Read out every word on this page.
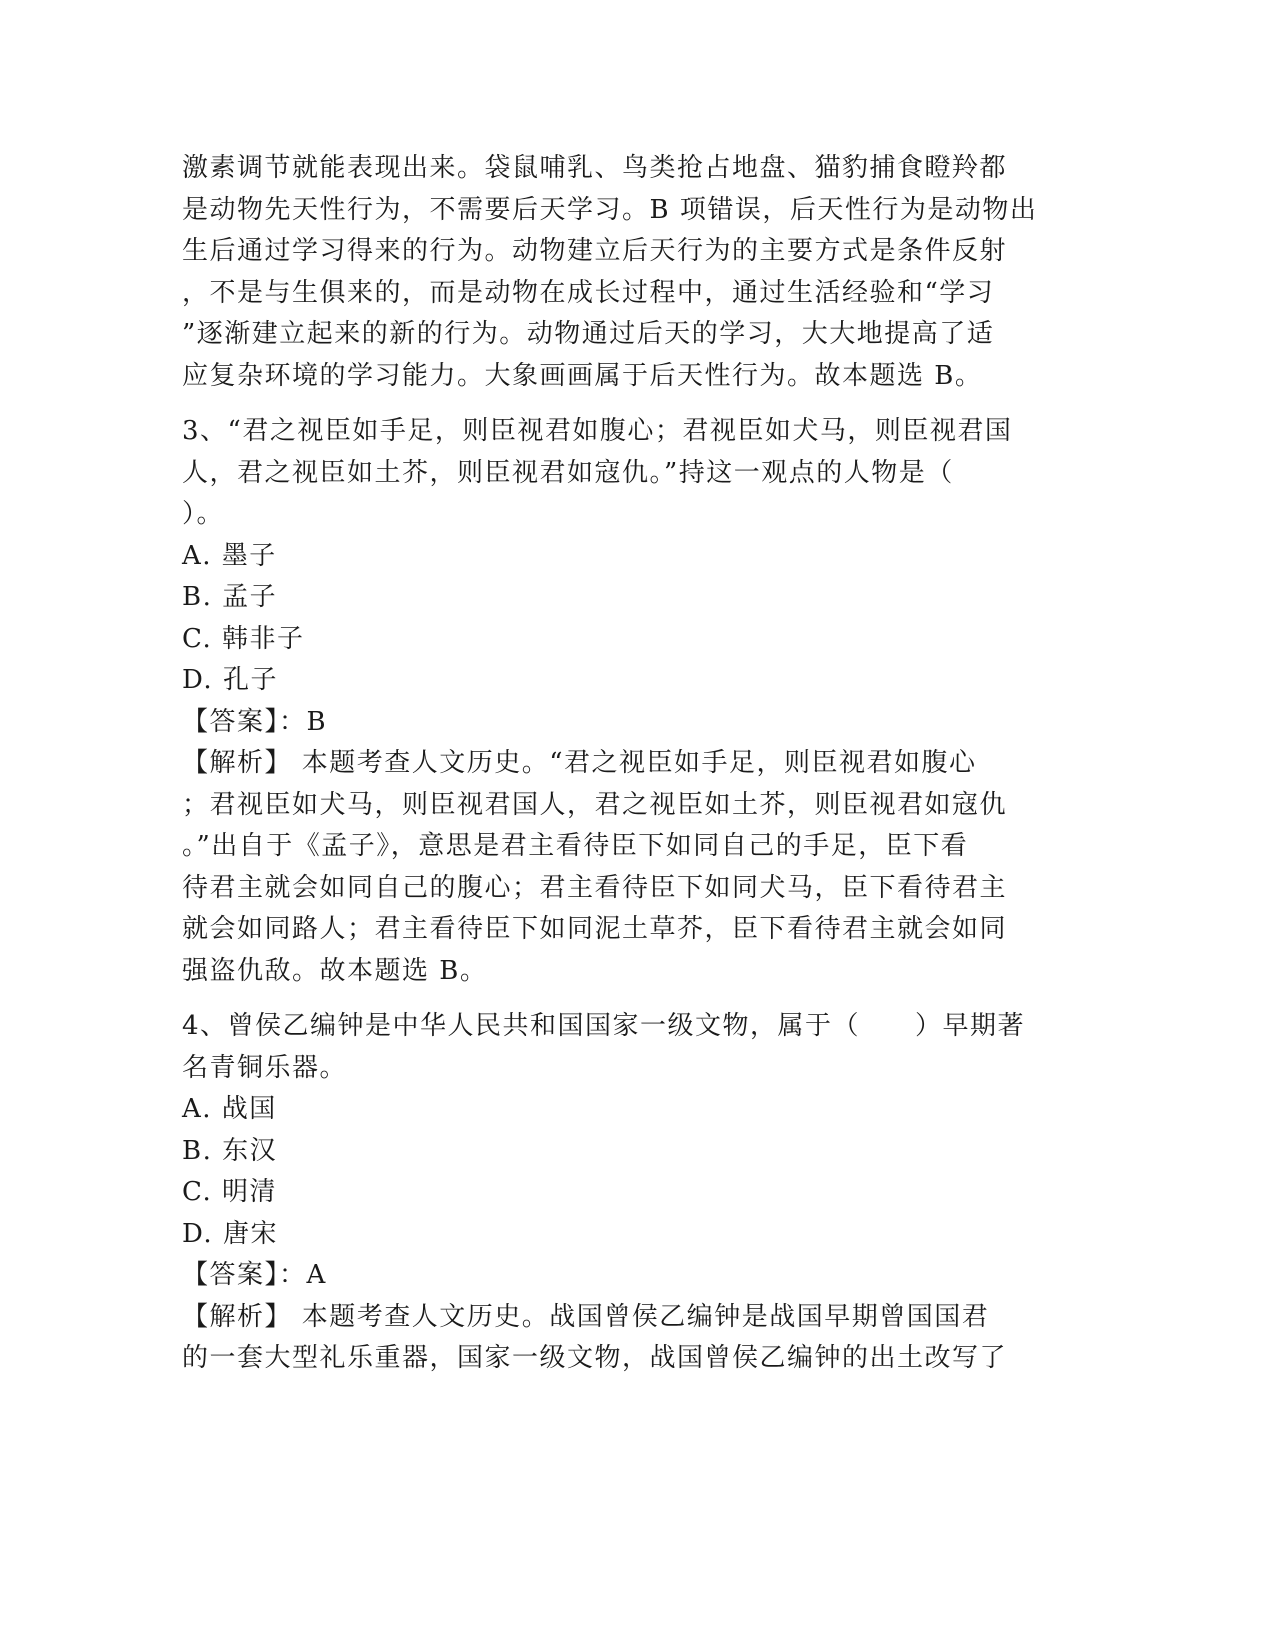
激素调节就能表现出来。袋鼠哺乳、鸟类抢占地盘、猫豹捕食瞪羚都
是动物先天性行为，不需要后天学习。B 项错误，后天性行为是动物出
生后通过学习得来的行为。动物建立后天行为的主要方式是条件反射
，不是与生俱来的，而是动物在成长过程中，通过生活经验和“学习
”逐渐建立起来的新的行为。动物通过后天的学习，大大地提高了适
应复杂环境的学习能力。大象画画属于后天性行为。故本题选 B。
3、“君之视臣如手足，则臣视君如腹心；君视臣如犬马，则臣视君国
人，君之视臣如土芥，则臣视君如寇仇。”持这一观点的人物是（
）。
A. 墨子
B. 孟子
C. 韩非子
D. 孔子
【答案】：B
【解析】 本题考查人文历史。“君之视臣如手足，则臣视君如腹心
；君视臣如犬马，则臣视君国人，君之视臣如土芥，则臣视君如寇仇
。”出自于《孟子》，意思是君主看待臣下如同自己的手足，臣下看
待君主就会如同自己的腹心；君主看待臣下如同犬马，臣下看待君主
就会如同路人；君主看待臣下如同泥土草芥，臣下看待君主就会如同
强盗仇敌。故本题选 B。
4、曾侯乙编钟是中华人民共和国国家一级文物，属于（　　）早期著
名青铜乐器。
A. 战国
B. 东汉
C. 明清
D. 唐宋
【答案】：A
【解析】 本题考查人文历史。战国曾侯乙编钟是战国早期曾国国君
的一套大型礼乐重器，国家一级文物，战国曾侯乙编钟的出土改写了
